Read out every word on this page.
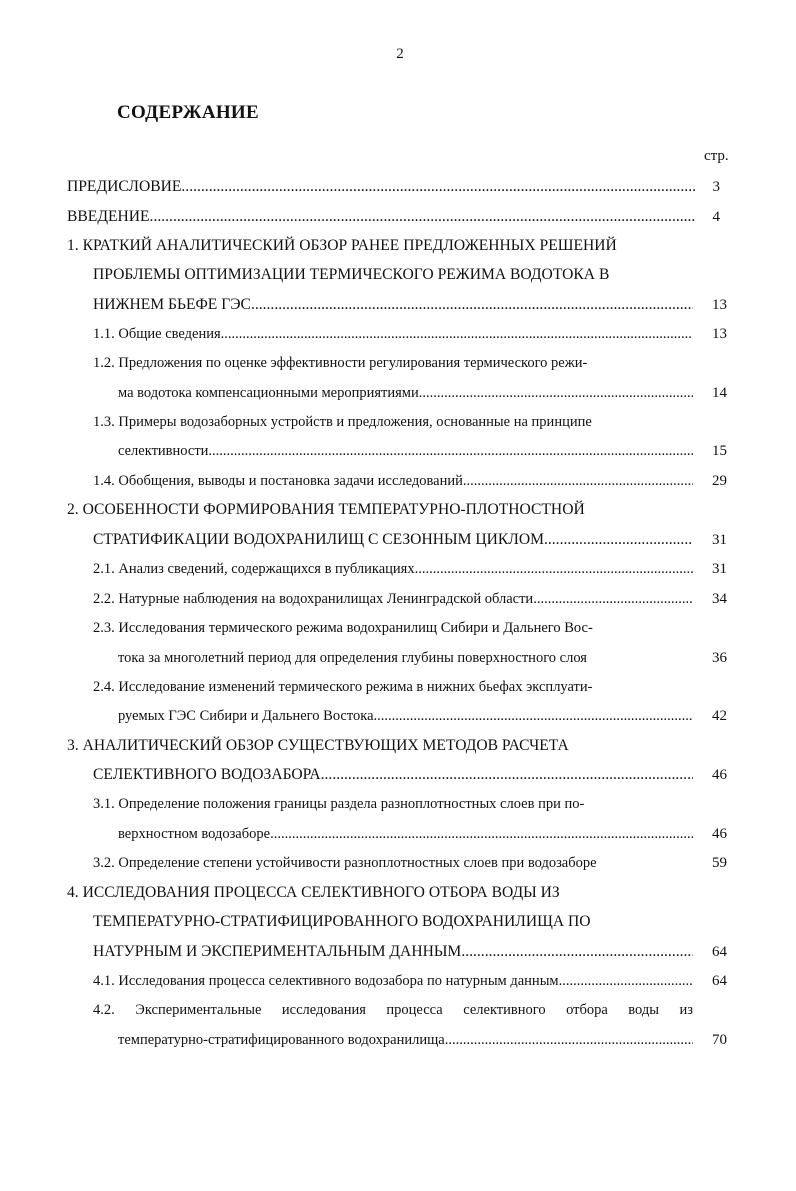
2
СОДЕРЖАНИЕ
стр.
ПРЕДИСЛОВИЕ .....	3
ВВЕДЕНИЕ .....	4
1. КРАТКИЙ АНАЛИТИЧЕСКИЙ ОБЗОР РАНЕЕ ПРЕДЛОЖЕННЫХ РЕШЕНИЙ
ПРОБЛЕМЫ ОПТИМИЗАЦИИ ТЕРМИЧЕСКОГО РЕЖИМА ВОДОТОКА В
НИЖНЕМ БЬЕФЕ ГЭС .....	13
1.1. Общие сведения .....	13
1.2. Предложения по оценке эффективности регулирования термического режи-
ма водотока компенсационными мероприятиями .....	14
1.3. Примеры водозаборных устройств и предложения, основанные на принципе
селективности .....	15
1.4. Обобщения, выводы и постановка задачи исследований .....	29
2. ОСОБЕННОСТИ ФОРМИРОВАНИЯ ТЕМПЕРАТУРНО-ПЛОТНОСТНОЙ
СТРАТИФИКАЦИИ ВОДОХРАНИЛИЩ С СЕЗОННЫМ ЦИКЛОМ .....	31
2.1. Анализ сведений, содержащихся в публикациях .....	31
2.2. Натурные наблюдения на водохранилищах Ленинградской области .....	34
2.3. Исследования термического режима водохранилищ Сибири и Дальнего Вос-
тока за многолетний период для определения глубины поверхностного слоя	36
2.4. Исследование изменений термического режима в нижних бьефах эксплуати-
руемых ГЭС Сибири и Дальнего Востока .....	42
3. АНАЛИТИЧЕСКИЙ ОБЗОР СУЩЕСТВУЮЩИХ МЕТОДОВ РАСЧЕТА
СЕЛЕКТИВНОГО ВОДОЗАБОРА .....	46
3.1. Определение положения границы раздела разноплотностных слоев при по-
верхностном водозаборе .....	46
3.2. Определение степени устойчивости разноплотностных слоев при водозаборе	59
4. ИССЛЕДОВАНИЯ ПРОЦЕССА СЕЛЕКТИВНОГО ОТБОРА ВОДЫ ИЗ
ТЕМПЕРАТУРНО-СТРАТИФИЦИРОВАННОГО ВОДОХРАНИЛИЩА ПО
НАТУРНЫМ И ЭКСПЕРИМЕНТАЛЬНЫМ ДАННЫМ .....	64
4.1. Исследования процесса селективного водозабора по натурным данным .....	64
4.2. Экспериментальные исследования процесса селективного отбора воды из
температурно-стратифицированного водохранилища .....	70
